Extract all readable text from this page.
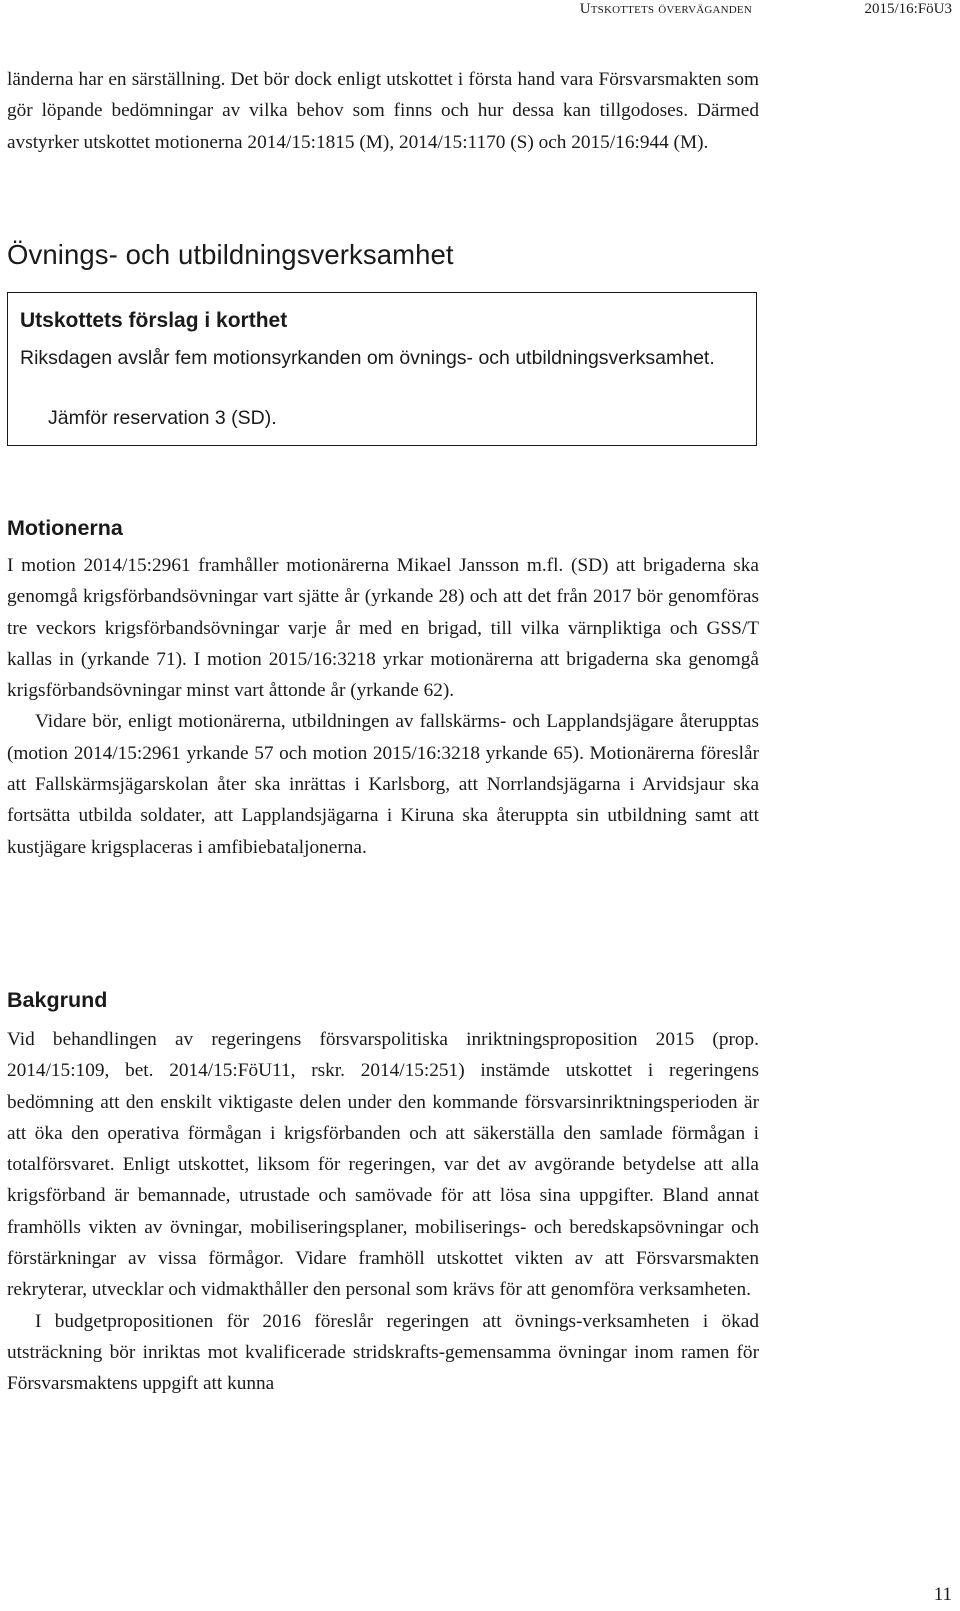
Utskottets överväganden	2015/16:FöU3

länderna har en särställning. Det bör dock enligt utskottet i första hand vara Försvarsmakten som gör löpande bedömningar av vilka behov som finns och hur dessa kan tillgodoses. Därmed avstyrker utskottet motionerna 2014/15:1815 (M), 2014/15:1170 (S) och 2015/16:944 (M).

Övnings- och utbildningsverksamhet
Utskottets förslag i korthet
Riksdagen avslår fem motionsyrkanden om övnings- och utbildningsverksamhet.
Jämför reservation 3 (SD).
Motionerna

I motion 2014/15:2961 framhåller motionärerna Mikael Jansson m.fl. (SD) att brigaderna ska genomgå krigsförbandsövningar vart sjätte år (yrkande 28) och att det från 2017 bör genomföras tre veckors krigsförbandsövningar varje år med en brigad, till vilka värnpliktiga och GSS/T kallas in (yrkande 71). I motion 2015/16:3218 yrkar motionärerna att brigaderna ska genomgå krigsförbandsövningar minst vart åttonde år (yrkande 62).

Vidare bör, enligt motionärerna, utbildningen av fallskärms- och Lapplandsjägare återupptas (motion 2014/15:2961 yrkande 57 och motion 2015/16:3218 yrkande 65). Motionärerna föreslår att Fallskärmsjägarskolan åter ska inrättas i Karlsborg, att Norrlandsjägarna i Arvidsjaur ska fortsätta utbilda soldater, att Lapplandsjägarna i Kiruna ska återuppta sin utbildning samt att kustjägare krigsplaceras i amfibiebataljonerna.

Bakgrund

Vid behandlingen av regeringens försvarspolitiska inriktningsproposition 2015 (prop. 2014/15:109, bet. 2014/15:FöU11, rskr. 2014/15:251) instämde utskottet i regeringens bedömning att den enskilt viktigaste delen under den kommande försvarsinriktningsperioden är att öka den operativa förmågan i krigsförbanden och att säkerställa den samlade förmågan i totalförsvaret. Enligt utskottet, liksom för regeringen, var det av avgörande betydelse att alla krigsförband är bemannade, utrustade och samövade för att lösa sina uppgifter. Bland annat framhölls vikten av övningar, mobiliseringsplaner, mobiliserings- och beredskapsövningar och förstärkningar av vissa förmågor. Vidare framhöll utskottet vikten av att Försvarsmakten rekryterar, utvecklar och vidmakthåller den personal som krävs för att genomföra verksamheten.

I budgetpropositionen för 2016 föreslår regeringen att övnings-verksamheten i ökad utsträckning bör inriktas mot kvalificerade stridskrafts-gemensamma övningar inom ramen för Försvarsmaktens uppgift att kunna

11
